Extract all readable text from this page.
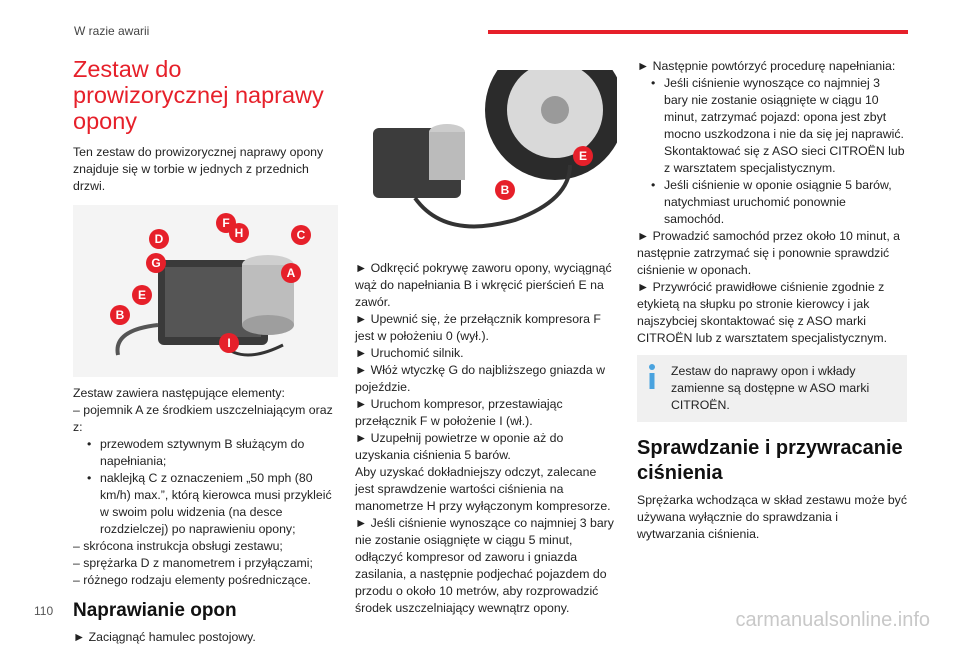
W razie awarii
Zestaw do prowizorycznej naprawy opony

Ten zestaw do prowizorycznej naprawy opony znajduje się w torbie w jednych z przednich drzwi.

F
D	H	C
G
A
E
B
I

Zestaw zawiera następujące elementy:

– pojemnik A ze środkiem uszczelniającym oraz z:

• przewodem sztywnym B służącym do napełniania;

• naklejką C z oznaczeniem „50 mph (80 km/h) max.”, którą kierowca musi przykleić w swoim polu widzenia (na desce rozdzielczej) po naprawieniu opony;

– skrócona instrukcja obsługi zestawu;

– sprężarka D z manometrem i przyłączami;

– różnego rodzaju elementy pośredniczące.

Naprawianie opon

► Zaciągnąć hamulec postojowy.

E
B

► Odkręcić pokrywę zaworu opony, wyciągnąć wąż do napełniania B i wkręcić pierścień E na zawór.

► Upewnić się, że przełącznik kompresora F jest w położeniu 0 (wył.).

► Uruchomić silnik.

► Włóż wtyczkę G do najbliższego gniazda w pojeździe.

► Uruchom kompresor, przestawiając przełącznik F w położenie I (wł.).

► Uzupełnij powietrze w oponie aż do uzyskania ciśnienia 5 barów.

Aby uzyskać dokładniejszy odczyt, zalecane jest sprawdzenie wartości ciśnienia na manometrze H przy wyłączonym kompresorze.

► Jeśli ciśnienie wynoszące co najmniej 3 bary nie zostanie osiągnięte w ciągu 5 minut, odłączyć kompresor od zaworu i gniazda zasilania, a następnie podjechać pojazdem do przodu o około 10 metrów, aby rozprowadzić środek uszczelniający wewnątrz opony.

► Następnie powtórzyć procedurę napełniania:

• Jeśli ciśnienie wynoszące co najmniej 3 bary nie zostanie osiągnięte w ciągu 10 minut, zatrzymać pojazd: opona jest zbyt mocno uszkodzona i nie da się jej naprawić. Skontaktować się z ASO sieci CITROËN lub z warsztatem specjalistycznym.

• Jeśli ciśnienie w oponie osiągnie 5 barów, natychmiast uruchomić ponownie samochód.

► Prowadzić samochód przez około 10 minut, a następnie zatrzymać się i ponownie sprawdzić ciśnienie w oponach.

► Przywrócić prawidłowe ciśnienie zgodnie z etykietą na słupku po stronie kierowcy i jak najszybciej skontaktować się z ASO marki CITROËN lub z warsztatem specjalistycznym.

Zestaw do naprawy opon i wkłady zamienne są dostępne w ASO marki CITROËN.

Sprawdzanie i przywracanie ciśnienia

Sprężarka wchodząca w skład zestawu może być używana wyłącznie do sprawdzania i wytwarzania ciśnienia.

110	carmanualsonline.info
